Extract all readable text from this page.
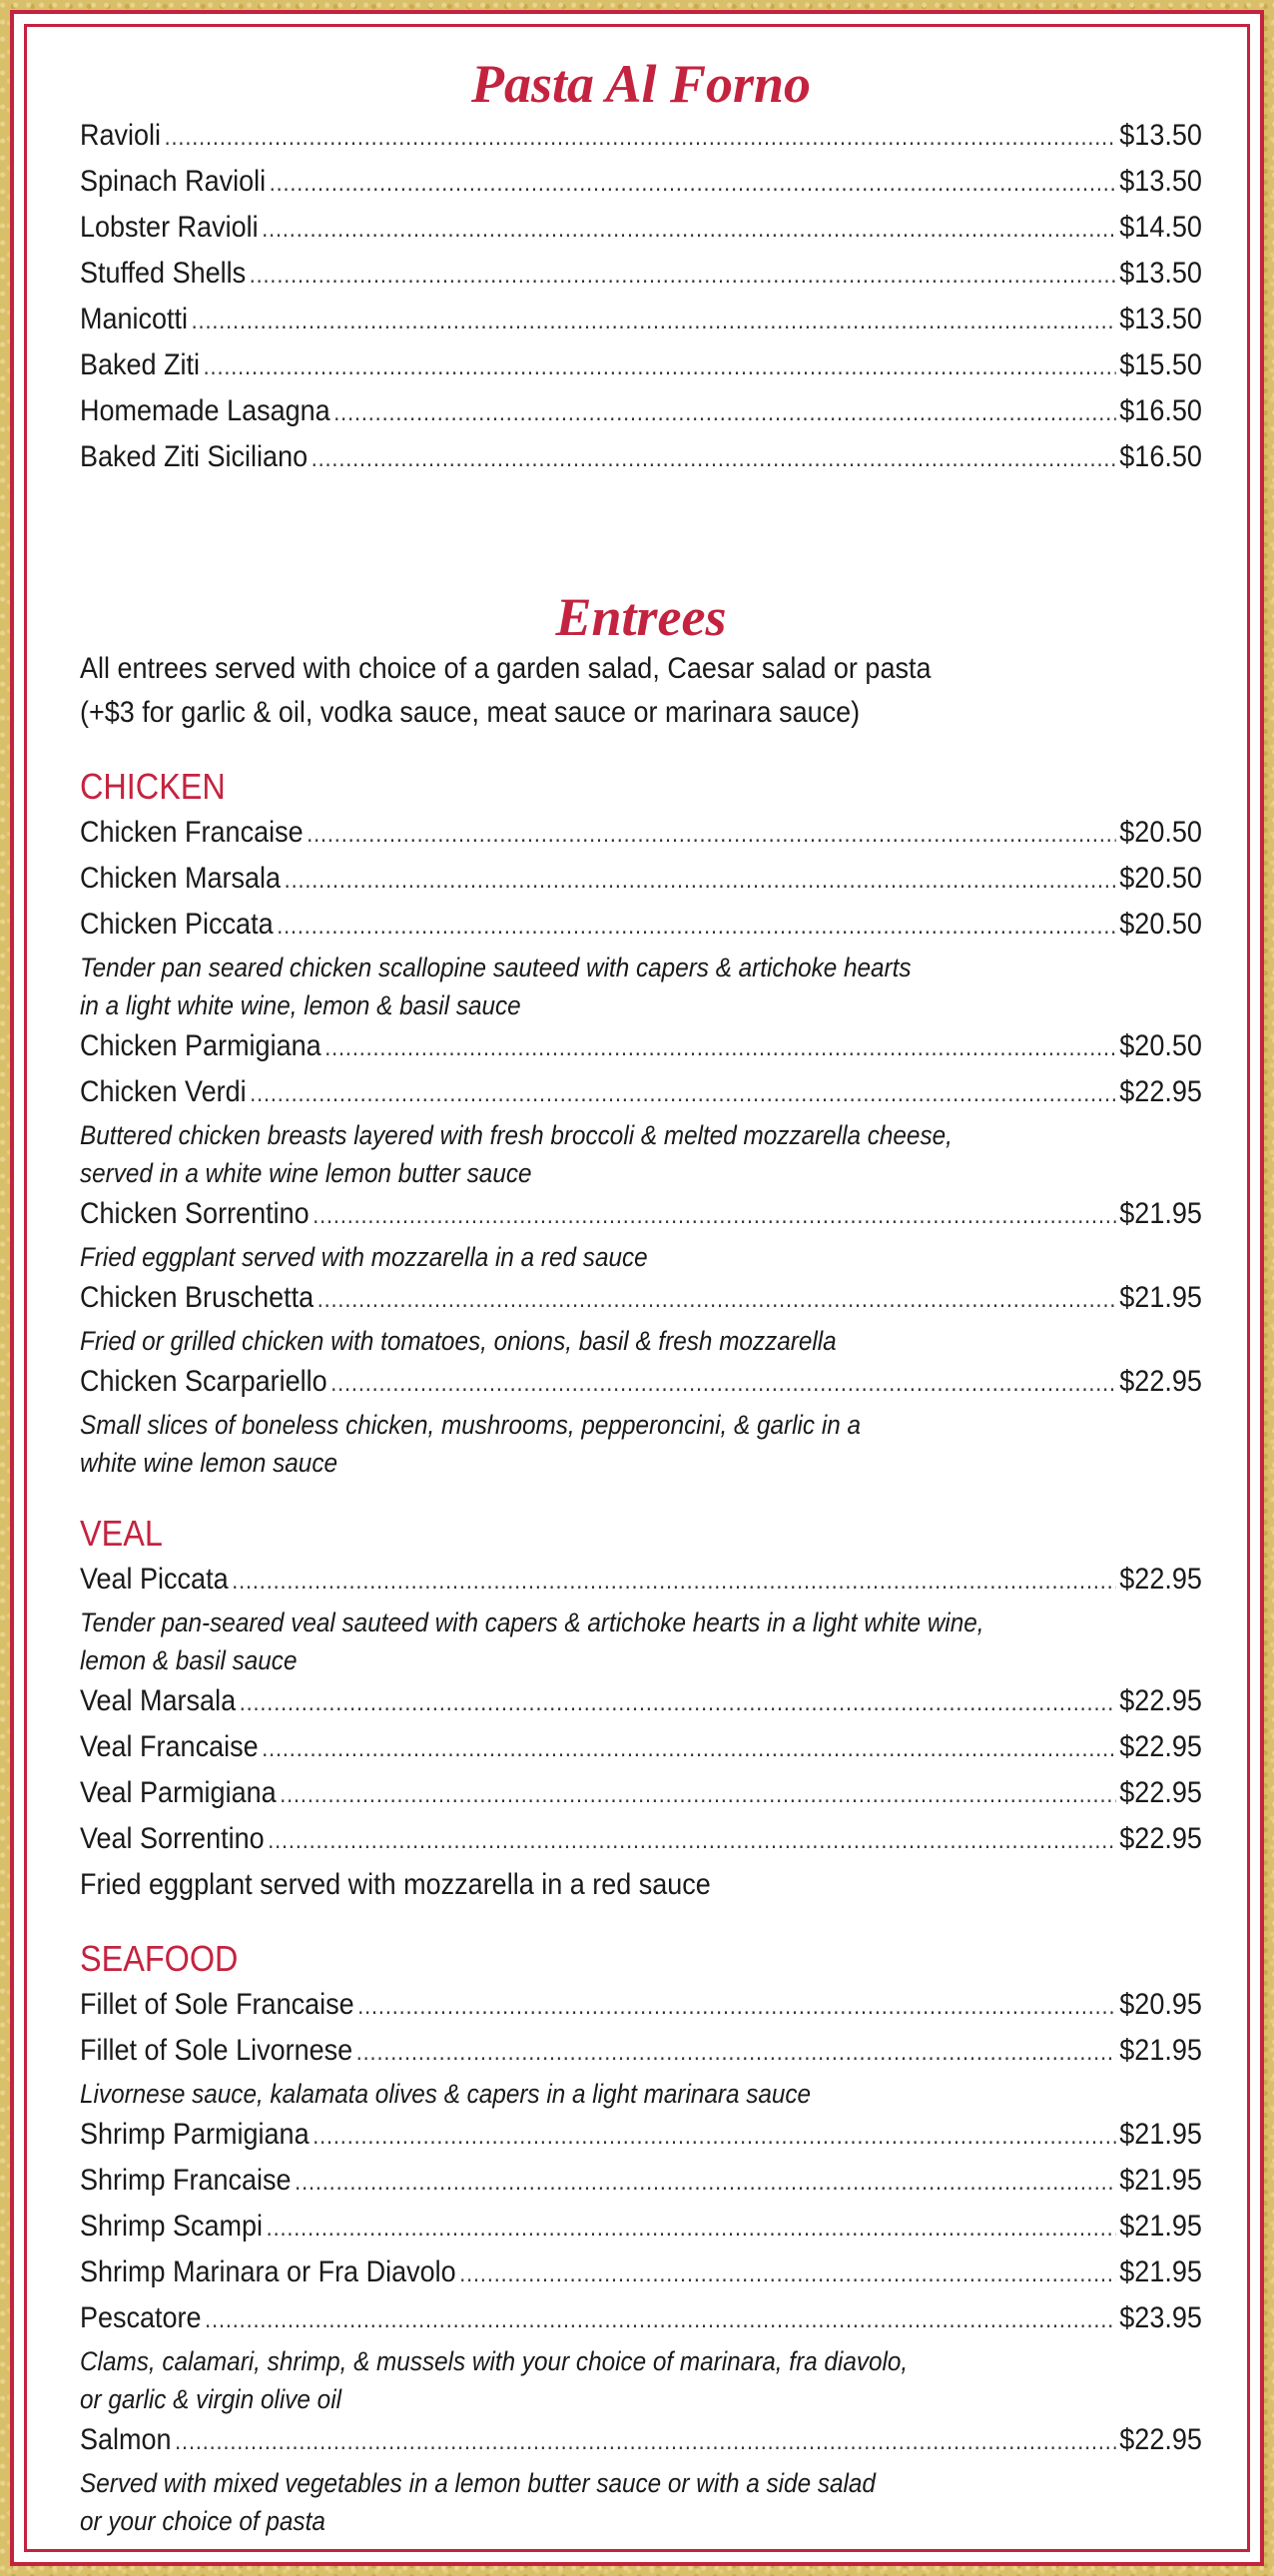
Pasta Al Forno
Ravioli .....	$13.50
Spinach Ravioli .....	$13.50
Lobster Ravioli .....	$14.50
Stuffed Shells .....	$13.50
Manicotti .....	$13.50
Baked Ziti .....	$15.50
Homemade Lasagna .....	$16.50
Baked Ziti Siciliano .....	$16.50
Entrees
All entrees served with choice of a garden salad, Caesar salad or pasta
(+$3 for garlic & oil, vodka sauce, meat sauce or marinara sauce)
CHICKEN
Chicken Francaise .....	$20.50
Chicken Marsala .....	$20.50
Chicken Piccata .....	$20.50
Tender pan seared chicken scallopine sauteed with capers & artichoke hearts
in a light white wine, lemon & basil sauce
Chicken Parmigiana .....	$20.50
Chicken Verdi .....	$22.95
Buttered chicken breasts layered with fresh broccoli & melted mozzarella cheese,
served in a white wine lemon butter sauce
Chicken Sorrentino .....	$21.95
Fried eggplant served with mozzarella in a red sauce
Chicken Bruschetta .....	$21.95
Fried or grilled chicken with tomatoes, onions, basil & fresh mozzarella
Chicken Scarpariello .....	$22.95
Small slices of boneless chicken, mushrooms, pepperoncini, & garlic in a
white wine lemon sauce
VEAL
Veal Piccata .....	$22.95
Tender pan-seared veal sauteed with capers & artichoke hearts in a light white wine,
lemon & basil sauce
Veal Marsala .....	$22.95
Veal Francaise .....	$22.95
Veal Parmigiana .....	$22.95
Veal Sorrentino .....	$22.95
Fried eggplant served with mozzarella in a red sauce
SEAFOOD
Fillet of Sole Francaise .....	$20.95
Fillet of Sole Livornese .....	$21.95
Livornese sauce, kalamata olives & capers in a light marinara sauce
Shrimp Parmigiana .....	$21.95
Shrimp Francaise .....	$21.95
Shrimp Scampi .....	$21.95
Shrimp Marinara or Fra Diavolo .....	$21.95
Pescatore .....	$23.95
Clams, calamari, shrimp, & mussels with your choice of marinara, fra diavolo,
or garlic & virgin olive oil
Salmon .....	$22.95
Served with mixed vegetables in a lemon butter sauce or with a side salad
or your choice of pasta
